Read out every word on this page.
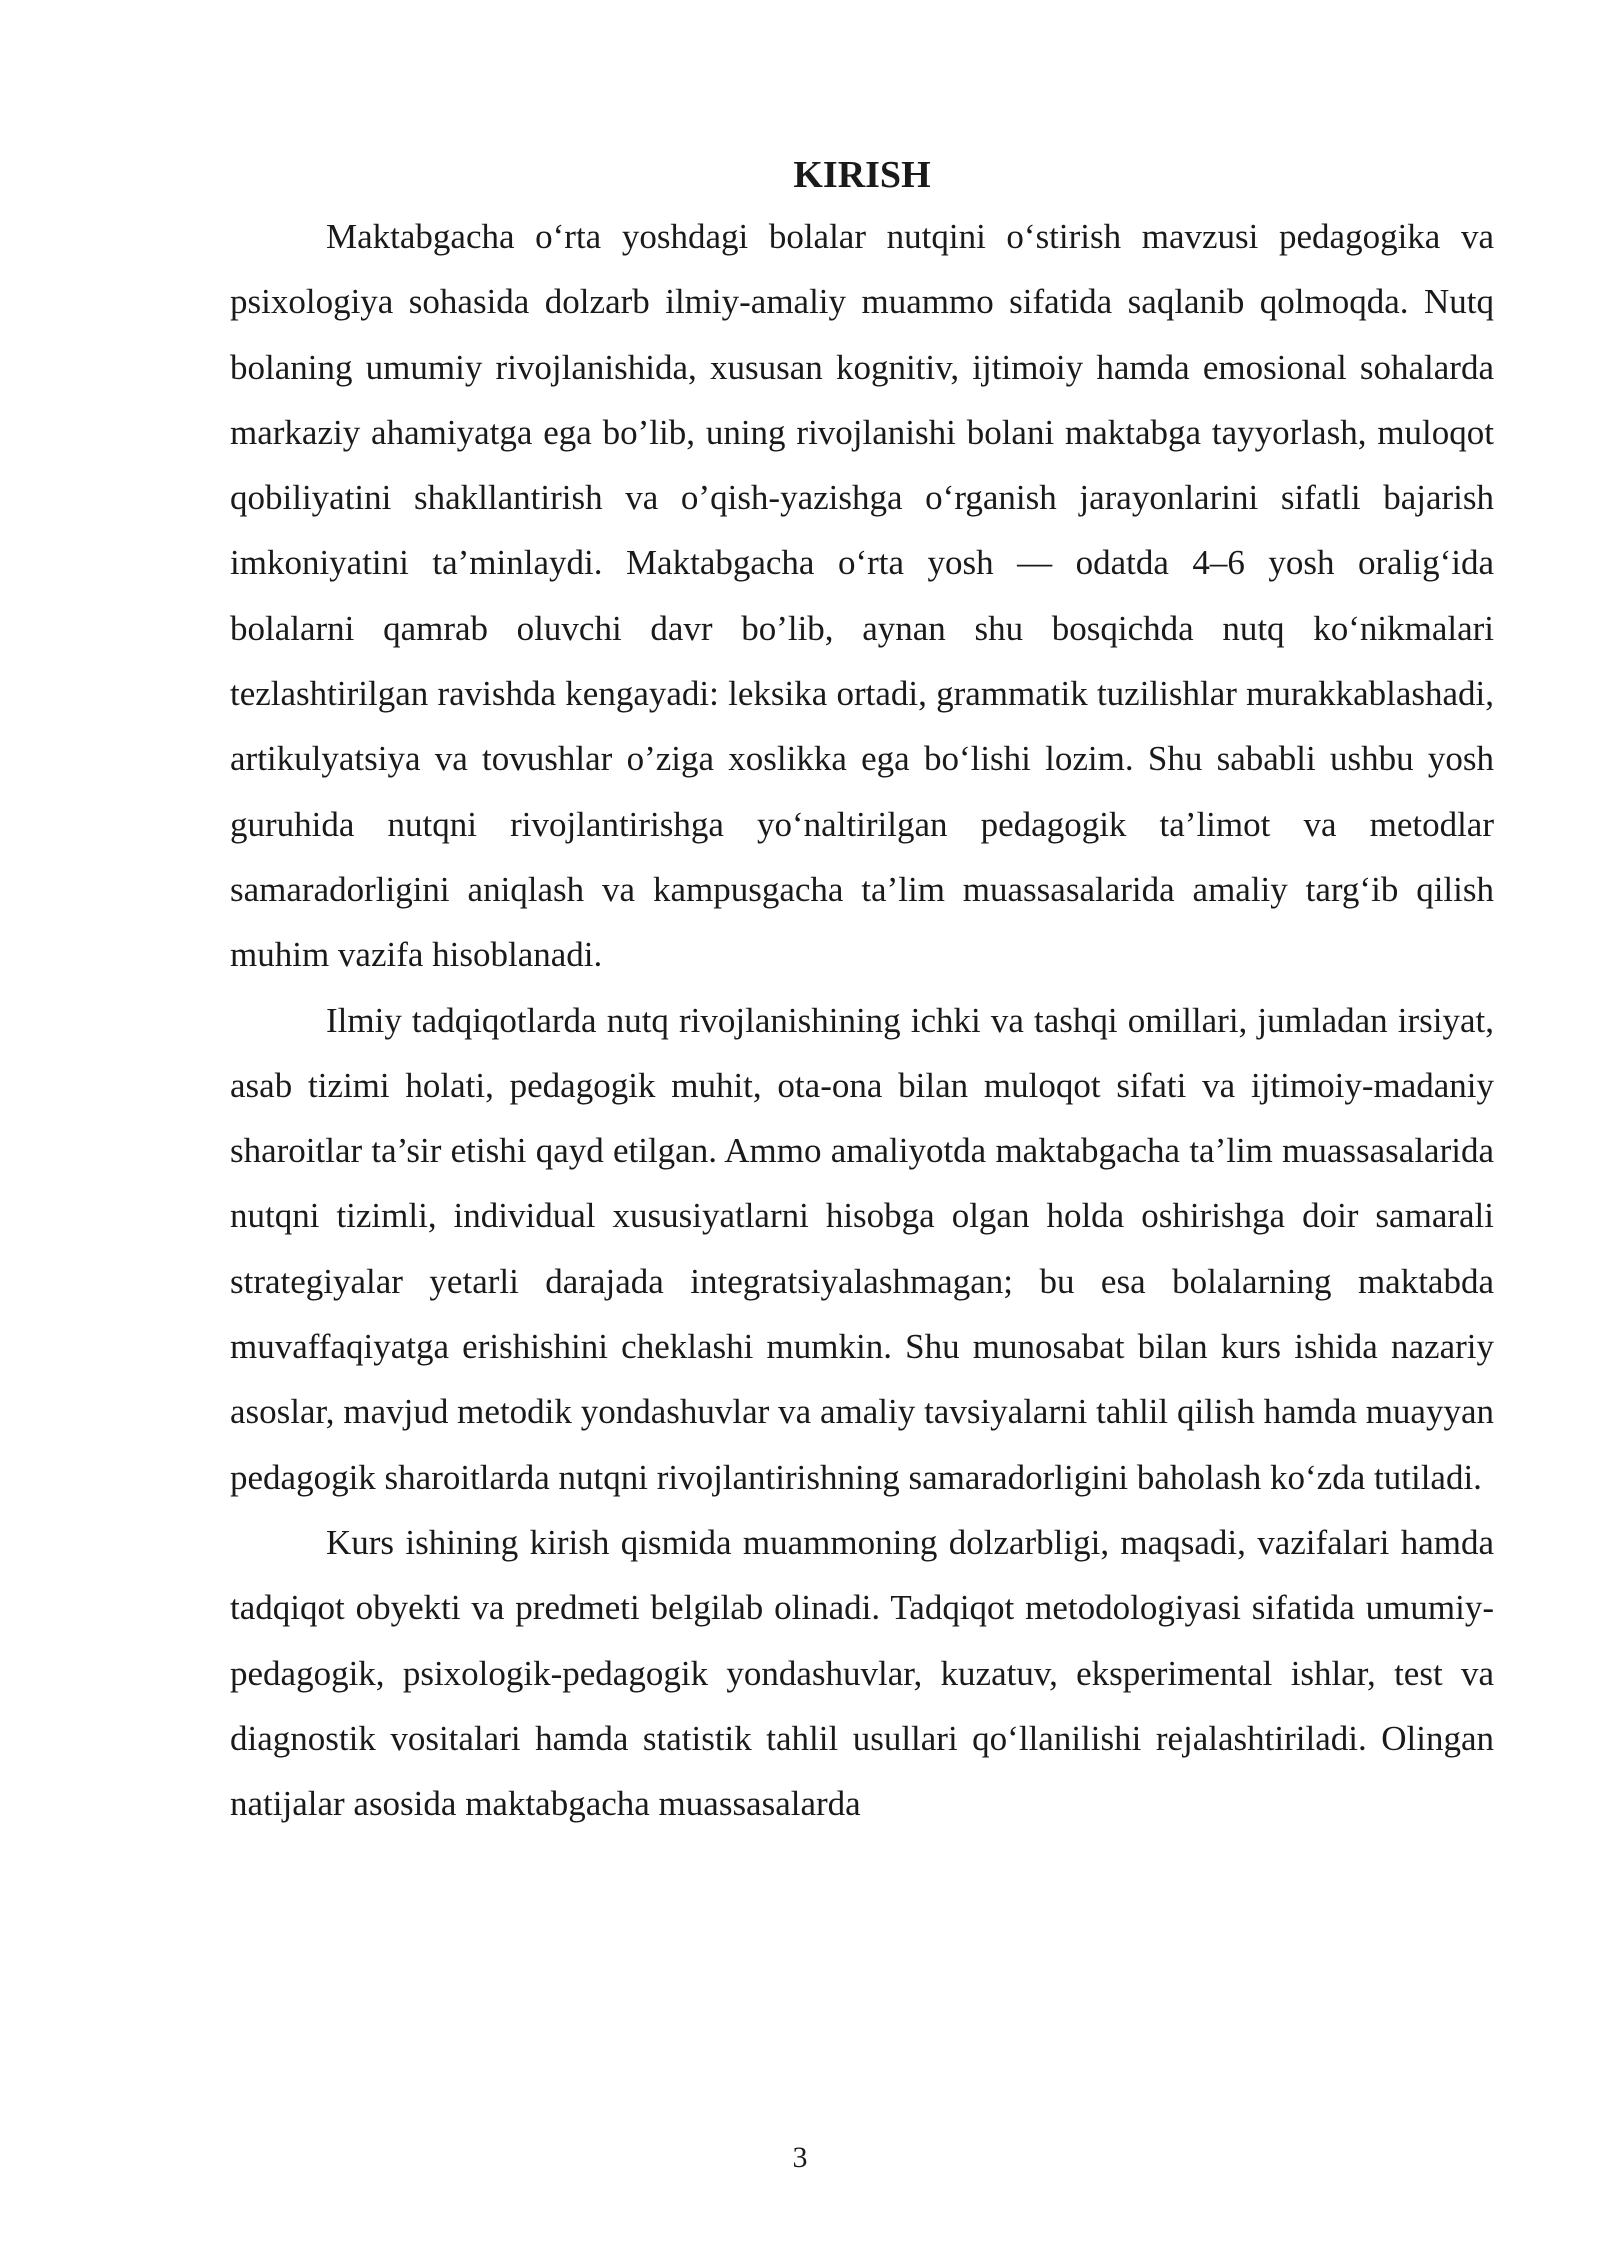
KIRISH

Maktabgacha o‘rta yoshdagi bolalar nutqini o‘stirish mavzusi pedagogika va psixologiya sohasida dolzarb ilmiy-amaliy muammo sifatida saqlanib qolmoqda. Nutq bolaning umumiy rivojlanishida, xususan kognitiv, ijtimoiy hamda emosional sohalarda markaziy ahamiyatga ega bo’lib, uning rivojlanishi bolani maktabga tayyorlash, muloqot qobiliyatini shakllantirish va o’qish-yazishga o‘rganish jarayonlarini sifatli bajarish imkoniyatini ta’minlaydi. Maktabgacha o‘rta yosh — odatda 4–6 yosh oralig‘ida bolalarni qamrab oluvchi davr bo’lib, aynan shu bosqichda nutq ko‘nikmalari tezlashtirilgan ravishda kengayadi: leksika ortadi, grammatik tuzilishlar murakkablashadi, artikulyatsiya va tovushlar o’ziga xoslikka ega bo‘lishi lozim. Shu sababli ushbu yosh guruhida nutqni rivojlantirishga yo‘naltirilgan pedagogik ta’limot va metodlar samaradorligini aniqlash va kampusgacha ta’lim muassasalarida amaliy targ‘ib qilish muhim vazifa hisoblanadi.

Ilmiy tadqiqotlarda nutq rivojlanishining ichki va tashqi omillari, jumladan irsiyat, asab tizimi holati, pedagogik muhit, ota-ona bilan muloqot sifati va ijtimoiy-madaniy sharoitlar ta’sir etishi qayd etilgan. Ammo amaliyotda maktabgacha ta’lim muassasalarida nutqni tizimli, individual xususiyatlarni hisobga olgan holda oshirishga doir samarali strategiyalar yetarli darajada integratsiyalashmagan; bu esa bolalarning maktabda muvaffaqiyatga erishishini cheklashi mumkin. Shu munosabat bilan kurs ishida nazariy asoslar, mavjud metodik yondashuvlar va amaliy tavsiyalarni tahlil qilish hamda muayyan pedagogik sharoitlarda nutqni rivojlantirishning samaradorligini baholash ko‘zda tutiladi.

Kurs ishining kirish qismida muammoning dolzarbligi, maqsadi, vazifalari hamda tadqiqot obyekti va predmeti belgilab olinadi. Tadqiqot metodologiyasi sifatida umumiy-pedagogik, psixologik-pedagogik yondashuvlar, kuzatuv, eksperimental ishlar, test va diagnostik vositalari hamda statistik tahlil usullari qo‘llanilishi rejalashtiriladi. Olingan natijalar asosida maktabgacha muassasalarda

3
